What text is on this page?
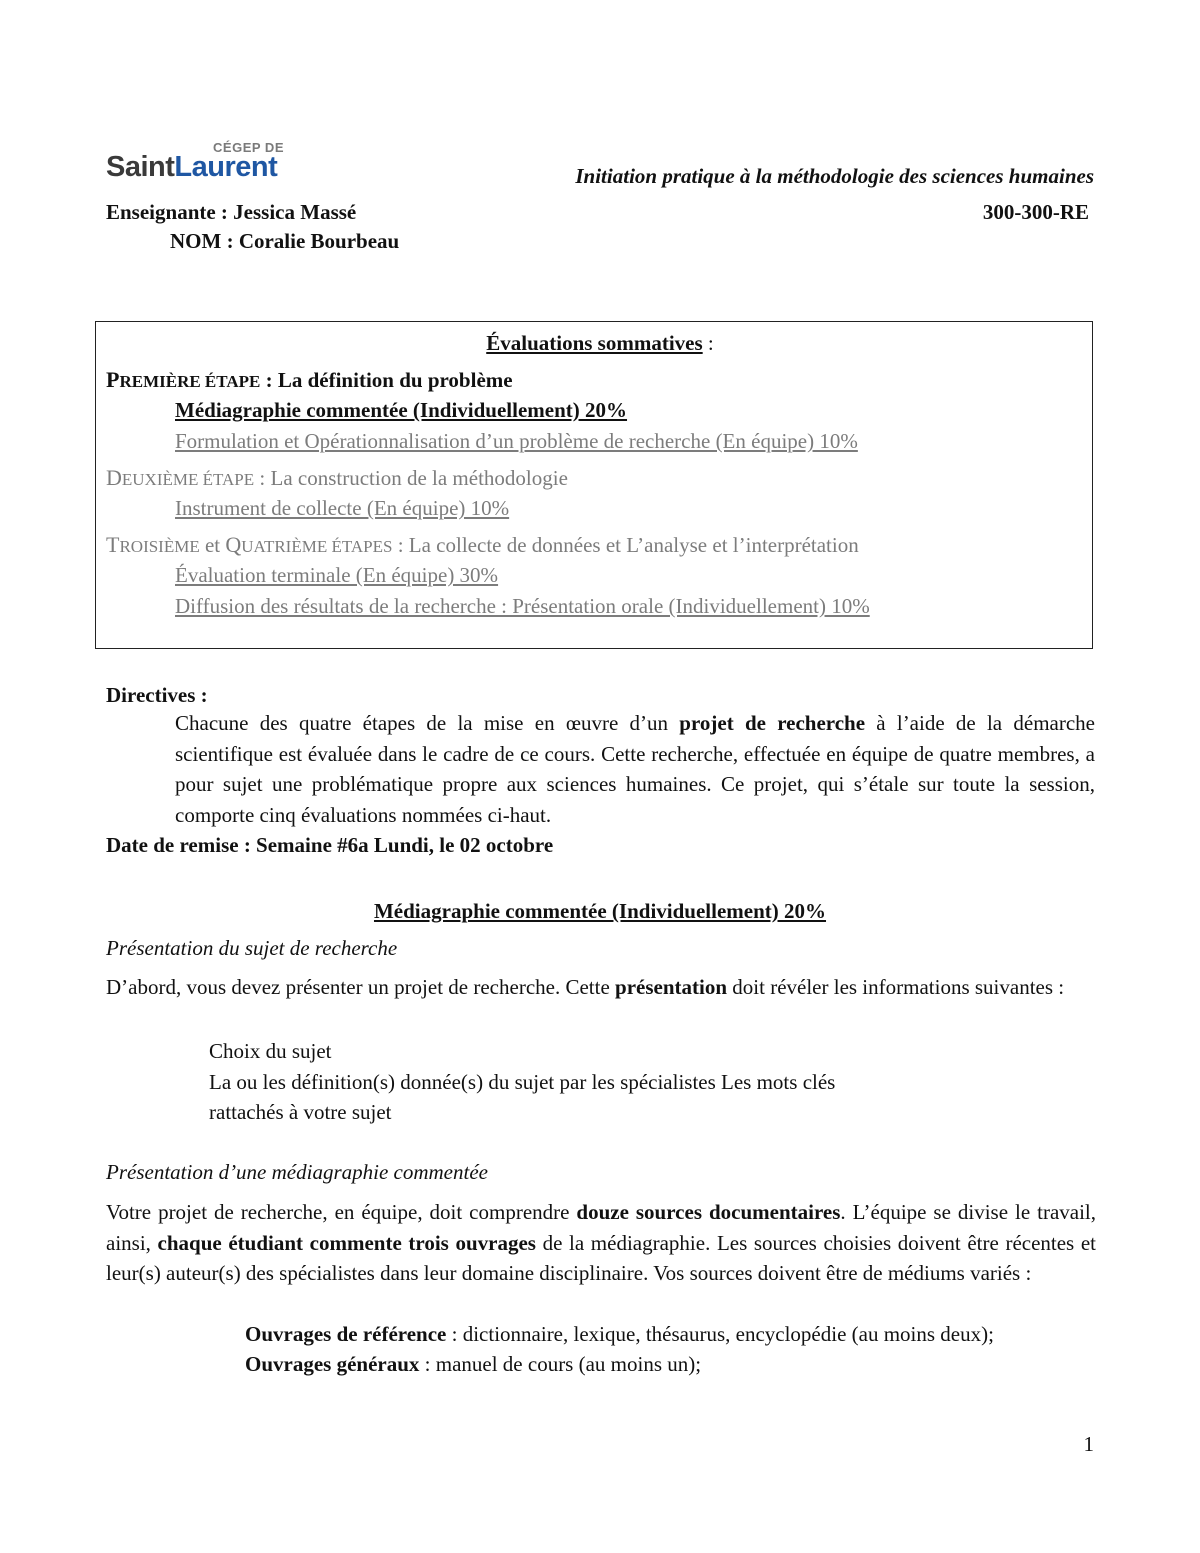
CÉGEP DE
SaintLaurent	Initiation pratique à la méthodologie des sciences humaines
Enseignante : Jessica Massé	300-300-RE
NOM : Coralie Bourbeau
Évaluations sommatives :
PREMIÈRE ÉTAPE : La définition du problème
Médiagraphie commentée (Individuellement) 20%
Formulation et Opérationnalisation d’un problème de recherche (En équipe) 10%
DEUXIÈME ÉTAPE : La construction de la méthodologie
Instrument de collecte (En équipe) 10%
TROISIÈME et QUATRIÈME ÉTAPES : La collecte de données et L’analyse et l’interprétation
Évaluation terminale (En équipe) 30%
Diffusion des résultats de la recherche : Présentation orale (Individuellement) 10%
Directives :
Chacune des quatre étapes de la mise en œuvre d’un projet de recherche à l’aide de la démarche scientifique est évaluée dans le cadre de ce cours. Cette recherche, effectuée en équipe de quatre membres, a pour sujet une problématique propre aux sciences humaines. Ce projet, qui s’étale sur toute la session, comporte cinq évaluations nommées ci-haut.
Date de remise : Semaine #6a Lundi, le 02 octobre
Médiagraphie commentée (Individuellement) 20%
Présentation du sujet de recherche
D’abord, vous devez présenter un projet de recherche. Cette présentation doit révéler les informations suivantes :
Choix du sujet
La ou les définition(s) donnée(s) du sujet par les spécialistes Les mots clés
rattachés à votre sujet
Présentation d’une médiagraphie commentée
Votre projet de recherche, en équipe, doit comprendre douze sources documentaires. L’équipe se divise le travail, ainsi, chaque étudiant commente trois ouvrages de la médiagraphie. Les sources choisies doivent être récentes et leur(s) auteur(s) des spécialistes dans leur domaine disciplinaire. Vos sources doivent être de médiums variés :
Ouvrages de référence : dictionnaire, lexique, thésaurus, encyclopédie (au moins deux);
Ouvrages généraux : manuel de cours (au moins un);
1
